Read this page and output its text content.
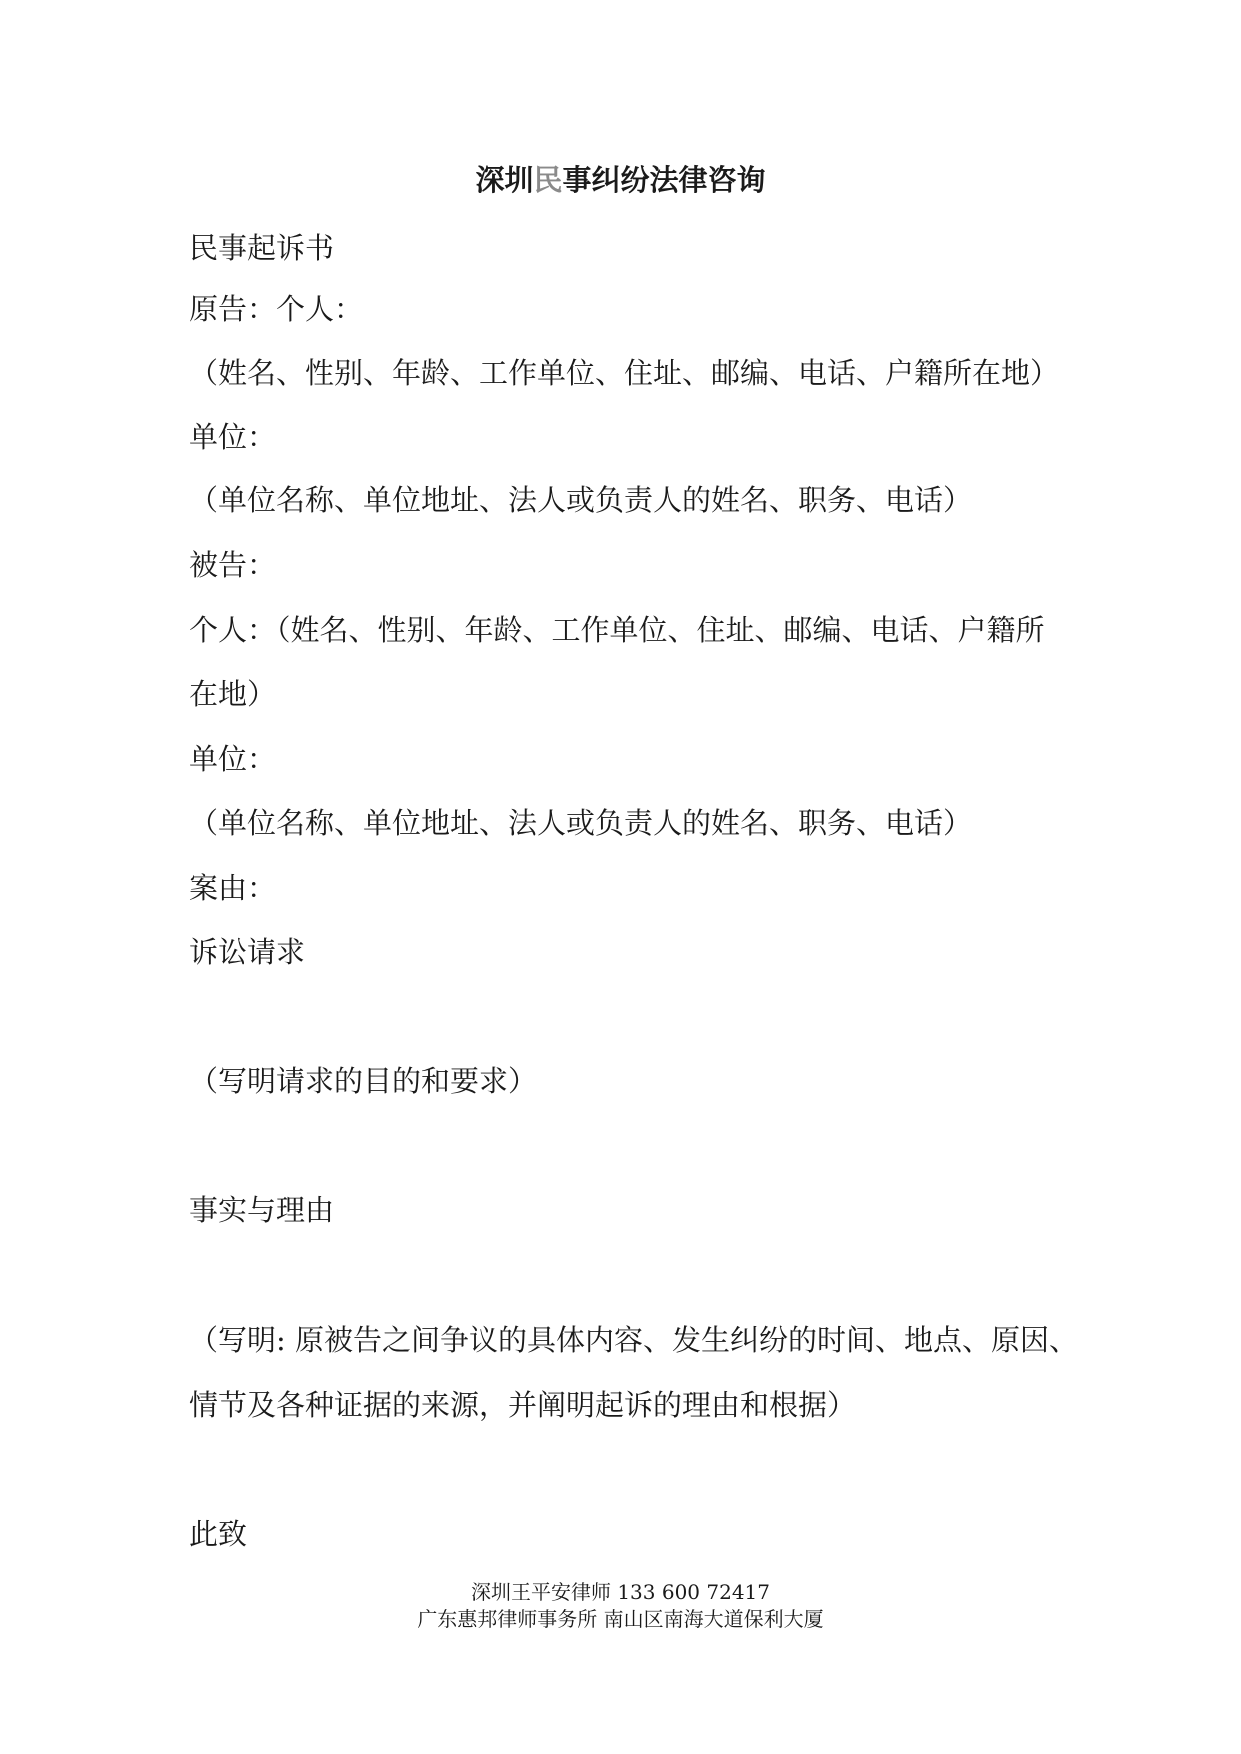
深圳民事纠纷法律咨询
民事起诉书
原告：个人：
（姓名、性别、年龄、工作单位、住址、邮编、电话、户籍所在地）
单位：
（单位名称、单位地址、法人或负责人的姓名、职务、电话）
被告：
个人：（姓名、性别、年龄、工作单位、住址、邮编、电话、户籍所
在地）
单位：
（单位名称、单位地址、法人或负责人的姓名、职务、电话）
案由：
诉讼请求
（写明请求的目的和要求）
事实与理由
（写明: 原被告之间争议的具体内容、发生纠纷的时间、地点、原因、
情节及各种证据的来源，并阐明起诉的理由和根据）
此致
深圳王平安律师 133 600 72417
广东惠邦律师事务所 南山区南海大道保利大厦
